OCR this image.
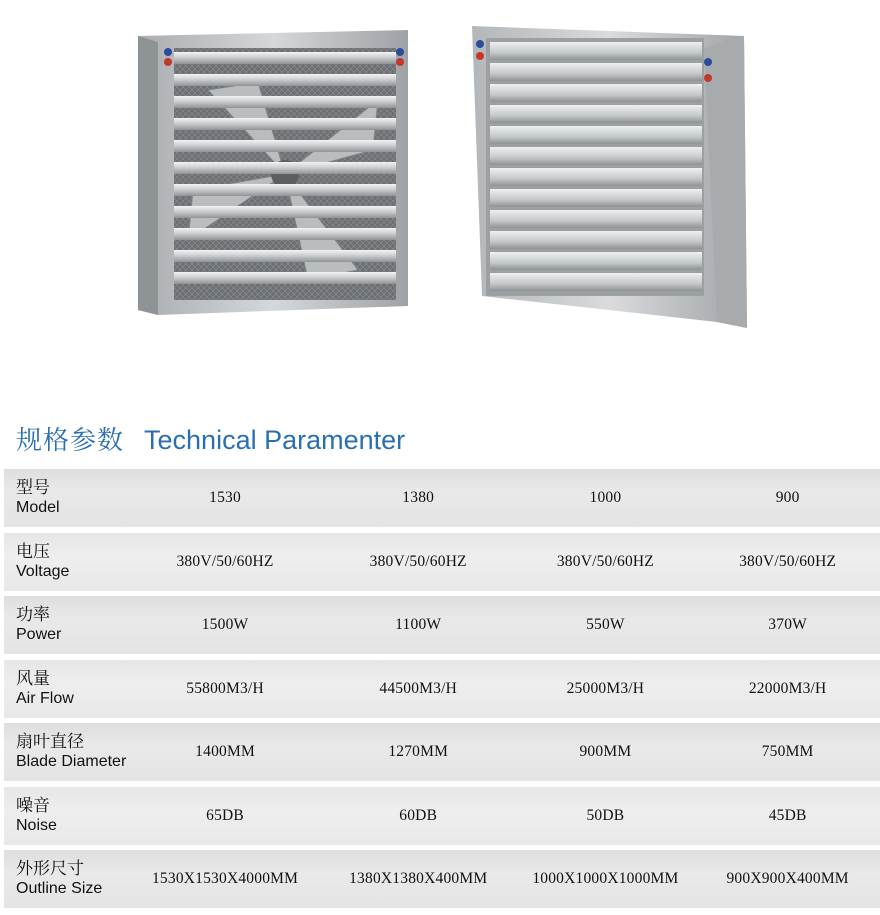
规格参数 Technical Paramenter
型号
Model
1530	1380	1000	900
电压
Voltage
380V/50/60HZ	380V/50/60HZ	380V/50/60HZ	380V/50/60HZ
功率
Power
1500W	1100W	550W	370W
风量
Air Flow
55800M3/H	44500M3/H	25000M3/H	22000M3/H
扇叶直径
Blade Diameter
1400MM	1270MM	900MM	750MM
噪音
Noise
65DB	60DB	50DB	45DB
外形尺寸
Outline Size
1530X1530X4000MM	1380X1380X400MM	1000X1000X1000MM	900X900X400MM
